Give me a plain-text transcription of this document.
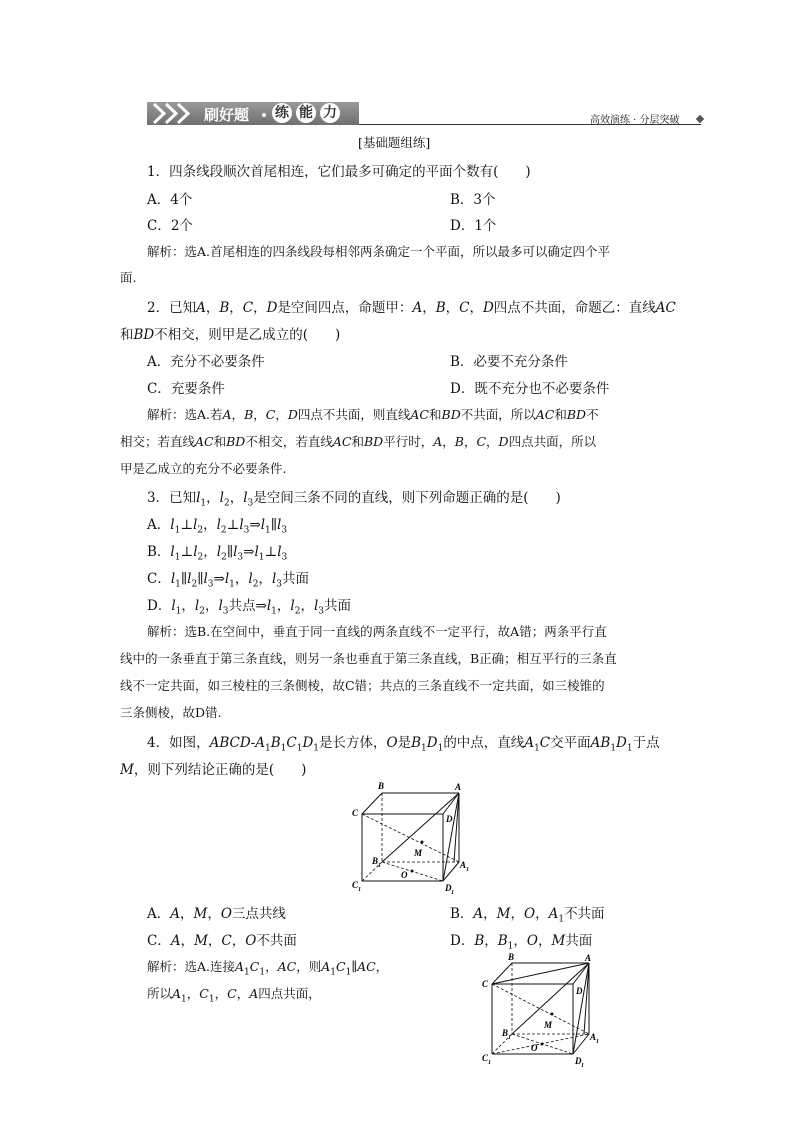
刷好题 练 能 力	高效演练 · 分层突破
[基础题组练]
1．四条线段顺次首尾相连，它们最多可确定的平面个数有(　　)
A．4个	B．3个
C．2个	D．1个
解析：选A.首尾相连的四条线段每相邻两条确定一个平面，所以最多可以确定四个平
面.
2．已知A，B，C，D是空间四点，命题甲：A，B，C，D四点不共面，命题乙：直线AC
和BD不相交，则甲是乙成立的(　　)
A．充分不必要条件	B．必要不充分条件
C．充要条件	D．既不充分也不必要条件
解析：选A.若A，B，C，D四点不共面，则直线AC和BD不共面，所以AC和BD不
相交；若直线AC和BD不相交，若直线AC和BD平行时，A，B，C，D四点共面，所以
甲是乙成立的充分不必要条件.
3．已知$l_1$，$l_2$，$l_3$是空间三条不同的直线，则下列命题正确的是(　　)
A．$l_1\perp l_2$，$l_2\perp l_3\Rightarrow l_1\parallel l_3$
B．$l_1\perp l_2$，$l_2\parallel l_3\Rightarrow l_1\perp l_3$
C．$l_1\parallel l_2\parallel l_3\Rightarrow l_1$，$l_2$，$l_3$共面
D．$l_1$，$l_2$，$l_3$共点$\Rightarrow l_1$，$l_2$，$l_3$共面
解析：选B.在空间中，垂直于同一直线的两条直线不一定平行，故A错；两条平行直
线中的一条垂直于第三条直线，则另一条也垂直于第三条直线，B正确；相互平行的三条直
线不一定共面，如三棱柱的三条侧棱，故C错；共点的三条直线不一定共面，如三棱锥的
三条侧棱，故D错.
4．如图，ABCD-$A_1B_1C_1D_1$是长方体，O是$B_1D_1$的中点，直线$A_1C$交平面$AB_1D_1$于点
M，则下列结论正确的是(　　)
B	A
C
D
M
O
B 1	A 1
C 1	D 1
A．A，M，O三点共线	B．A，M，O，$A_1$不共面
C．A，M，C，O不共面	D．B，$B_1$，O，M共面
解析：选A.连接$A_1C_1$，AC，则$A_1C_1\parallel AC$，
所以$A_1$，$C_1$，C，A四点共面，
B	A
C
D
M
O
B 1	A 1
C 1	D 1
